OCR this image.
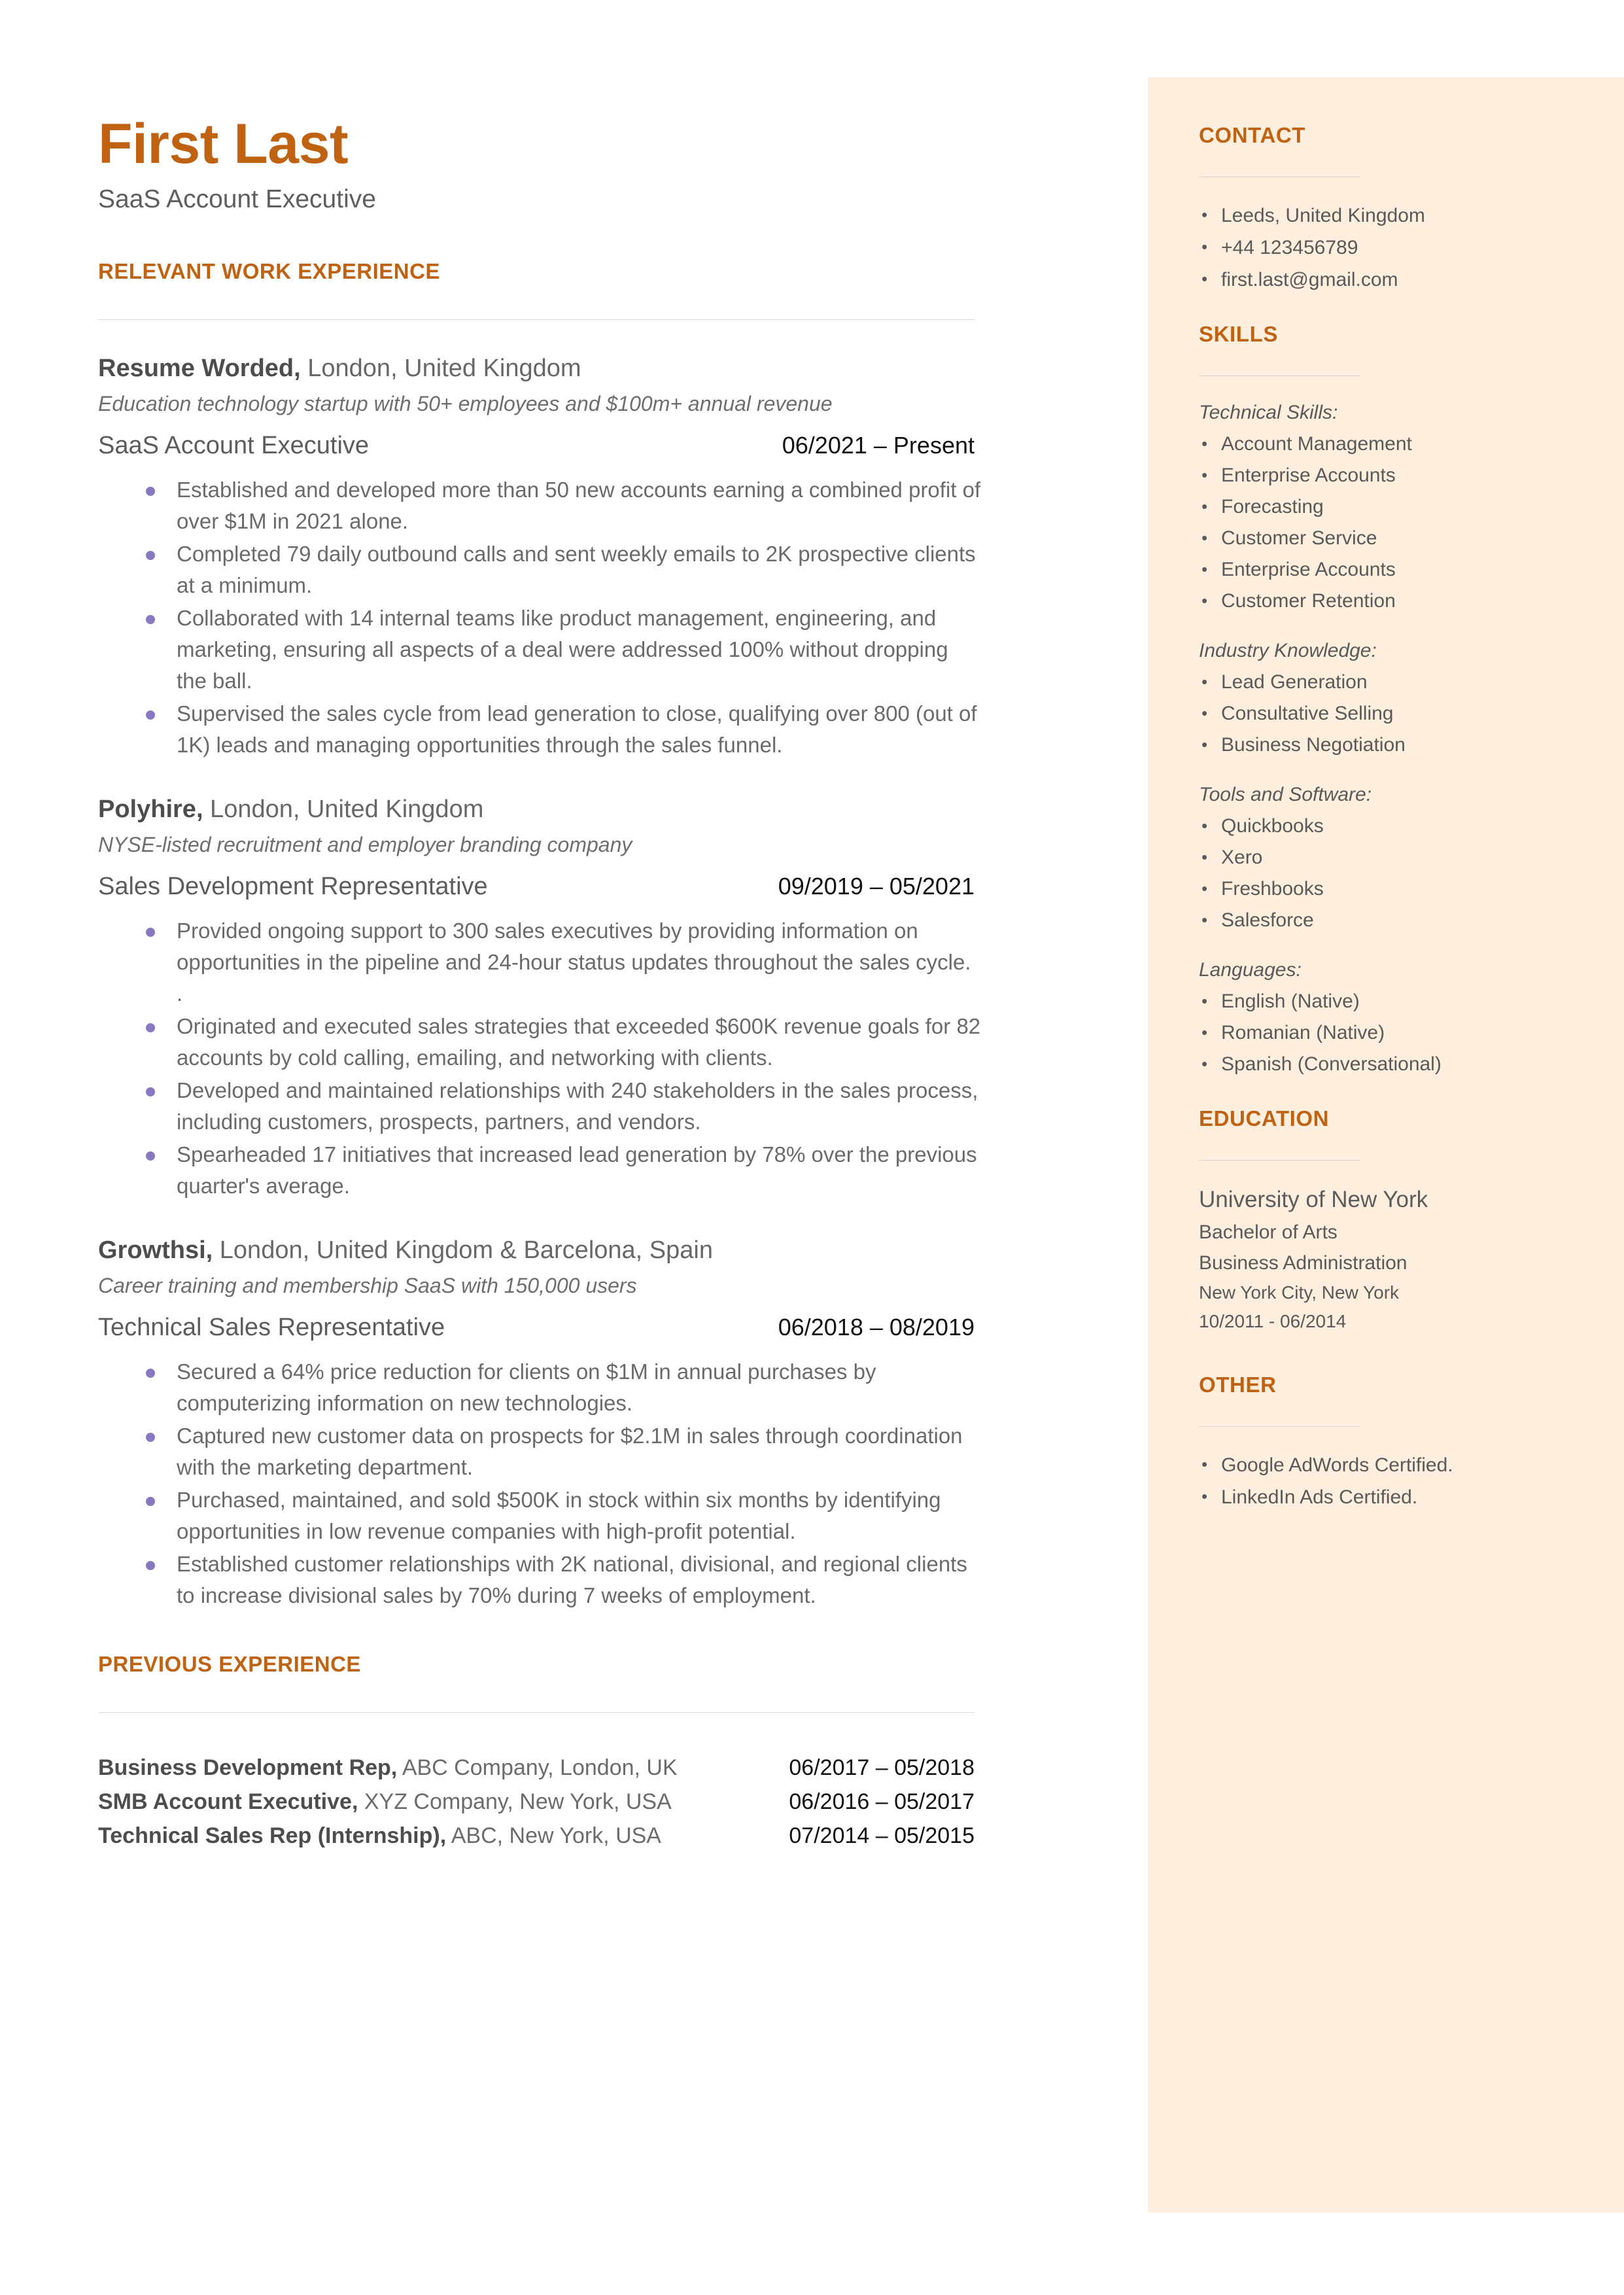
CONTACT
• Leeds, United Kingdom
• +44 123456789
• first.last@gmail.com
SKILLS
Technical Skills:
• Account Management
• Enterprise Accounts
• Forecasting
• Customer Service
• Enterprise Accounts
• Customer Retention
Industry Knowledge:
• Lead Generation
• Consultative Selling
• Business Negotiation
Tools and Software:
• Quickbooks
• Xero
• Freshbooks
• Salesforce
Languages:
• English (Native)
• Romanian (Native)
• Spanish (Conversational)
EDUCATION
University of New York
Bachelor of Arts
Business Administration
New York City, New York
10/2011 - 06/2014
OTHER
• Google AdWords Certified.
• LinkedIn Ads Certified.
First Last
SaaS Account Executive
RELEVANT WORK EXPERIENCE
Resume Worded, London, United Kingdom
Education technology startup with 50+ employees and $100m+ annual revenue
SaaS Account Executive	06/2021 – Present
Established and developed more than 50 new accounts earning a combined profit of over $1M in 2021 alone.
Completed 79 daily outbound calls and sent weekly emails to 2K prospective clients at a minimum.
Collaborated with 14 internal teams like product management, engineering, and marketing, ensuring all aspects of a deal were addressed 100% without dropping the ball.
Supervised the sales cycle from lead generation to close, qualifying over 800 (out of 1K) leads and managing opportunities through the sales funnel.
Polyhire, London, United Kingdom
NYSE-listed recruitment and employer branding company
Sales Development Representative	09/2019 – 05/2021
Provided ongoing support to 300 sales executives by providing information on opportunities in the pipeline and 24-hour status updates throughout the sales cycle. .
Originated and executed sales strategies that exceeded $600K revenue goals for 82 accounts by cold calling, emailing, and networking with clients.
Developed and maintained relationships with 240 stakeholders in the sales process, including customers, prospects, partners, and vendors.
Spearheaded 17 initiatives that increased lead generation by 78% over the previous quarter's average.
Growthsi, London, United Kingdom & Barcelona, Spain
Career training and membership SaaS with 150,000 users
Technical Sales Representative	06/2018 – 08/2019
Secured a 64% price reduction for clients on $1M in annual purchases by computerizing information on new technologies.
Captured new customer data on prospects for $2.1M in sales through coordination with the marketing department.
Purchased, maintained, and sold $500K in stock within six months by identifying opportunities in low revenue companies with high-profit potential.
Established customer relationships with 2K national, divisional, and regional clients to increase divisional sales by 70% during 7 weeks of employment.
PREVIOUS EXPERIENCE
Business Development Rep, ABC Company, London, UK	06/2017 – 05/2018
SMB Account Executive, XYZ Company, New York, USA	06/2016 – 05/2017
Technical Sales Rep (Internship), ABC, New York, USA	07/2014 – 05/2015
